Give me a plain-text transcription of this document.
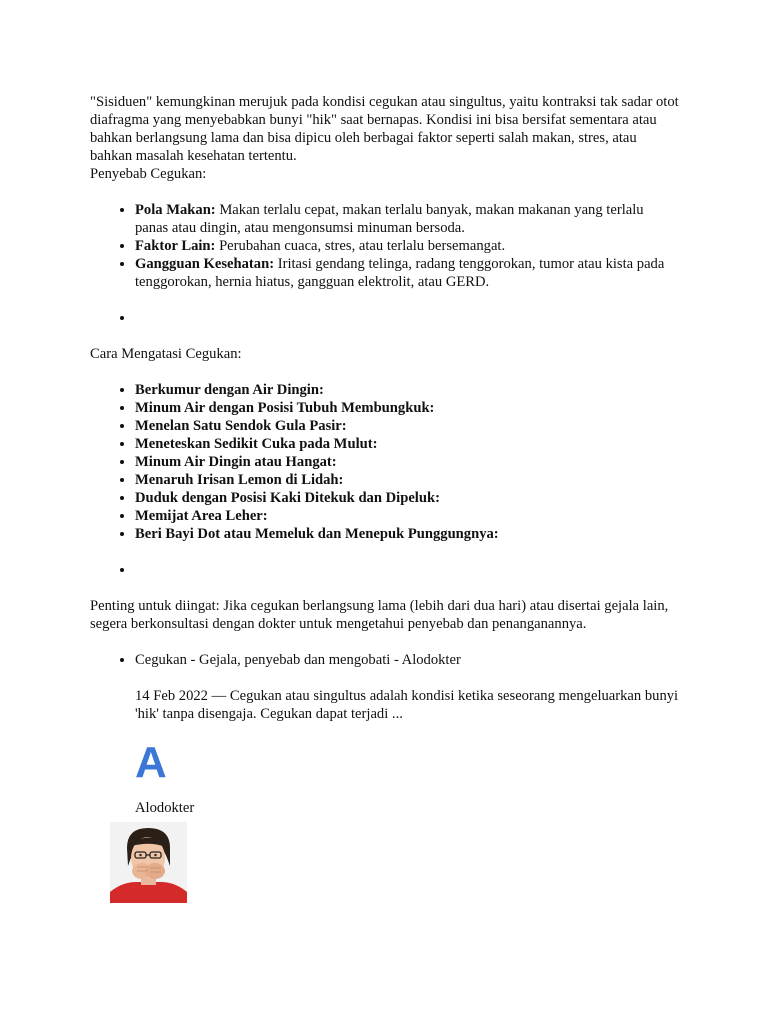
"Sisiduen" kemungkinan merujuk pada kondisi cegukan atau singultus, yaitu kontraksi tak sadar otot diafragma yang menyebabkan bunyi "hik" saat bernapas. Kondisi ini bisa bersifat sementara atau bahkan berlangsung lama dan bisa dipicu oleh berbagai faktor seperti salah makan, stres, atau bahkan masalah kesehatan tertentu.

Penyebab Cegukan:

• Pola Makan: Makan terlalu cepat, makan terlalu banyak, makan makanan yang terlalu panas atau dingin, atau mengonsumsi minuman bersoda.
• Faktor Lain: Perubahan cuaca, stres, atau terlalu bersemangat.
• Gangguan Kesehatan: Iritasi gendang telinga, radang tenggorokan, tumor atau kista pada tenggorokan, hernia hiatus, gangguan elektrolit, atau GERD.
•

Cara Mengatasi Cegukan:

• Berkumur dengan Air Dingin:
• Minum Air dengan Posisi Tubuh Membungkuk:
• Menelan Satu Sendok Gula Pasir:
• Meneteskan Sedikit Cuka pada Mulut:
• Minum Air Dingin atau Hangat:
• Menaruh Irisan Lemon di Lidah:
• Duduk dengan Posisi Kaki Ditekuk dan Dipeluk:
• Memijat Area Leher:
• Beri Bayi Dot atau Memeluk dan Menepuk Punggungnya:
•

Penting untuk diingat: Jika cegukan berlangsung lama (lebih dari dua hari) atau disertai gejala lain, segera berkonsultasi dengan dokter untuk mengetahui penyebab dan penanganannya.

• Cegukan - Gejala, penyebab dan mengobati - Alodokter

14 Feb 2022 — Cegukan atau singultus adalah kondisi ketika seseorang mengeluarkan bunyi 'hik' tanpa disengaja. Cegukan dapat terjadi ...

A

Alodokter
